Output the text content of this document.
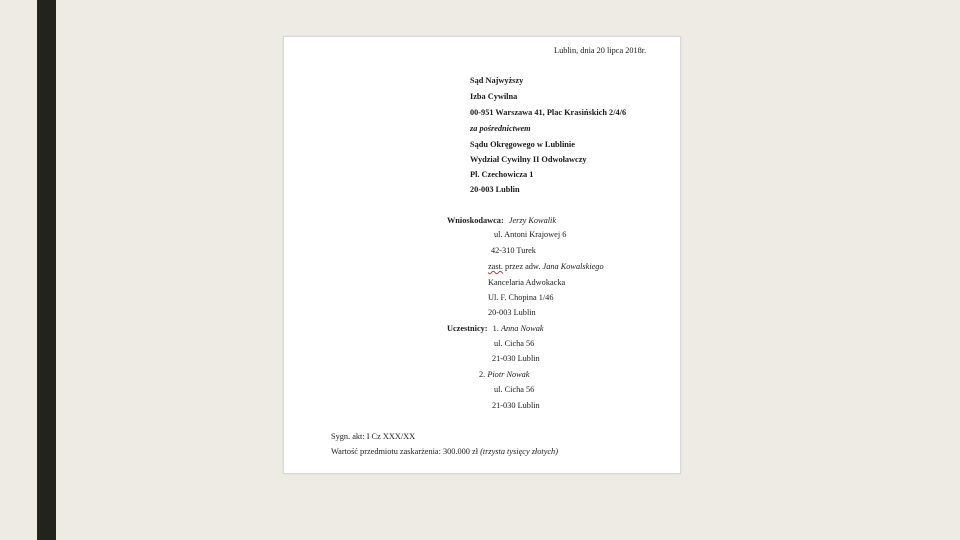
Lublin, dnia 20 lipca 2018r.
Sąd Najwyższy
Izba Cywilna
00-951 Warszawa 41, Plac Krasińskich 2/4/6
za pośrednictwem
Sądu Okręgowego w Lublinie
Wydział Cywilny II Odwoławczy
Pl. Czechowicza 1
20-003 Lublin
Wnioskodawca: Jerzy Kowalik
ul. Antoni Krajowej 6
42-310 Turek
zast. przez adw. Jana Kowalskiego
Kancelaria Adwokacka
Ul. F. Chopina 1/46
20-003 Lublin
Uczestnicy: 1. Anna Nowak
ul. Cicha 56
21-030 Lublin
2. Piotr Nowak
ul. Cicha 56
21-030 Lublin
Sygn. akt: I Cz XXX/XX
Wartość przedmiotu zaskarżenia: 300.000 zł (trzysta tysięcy złotych)
